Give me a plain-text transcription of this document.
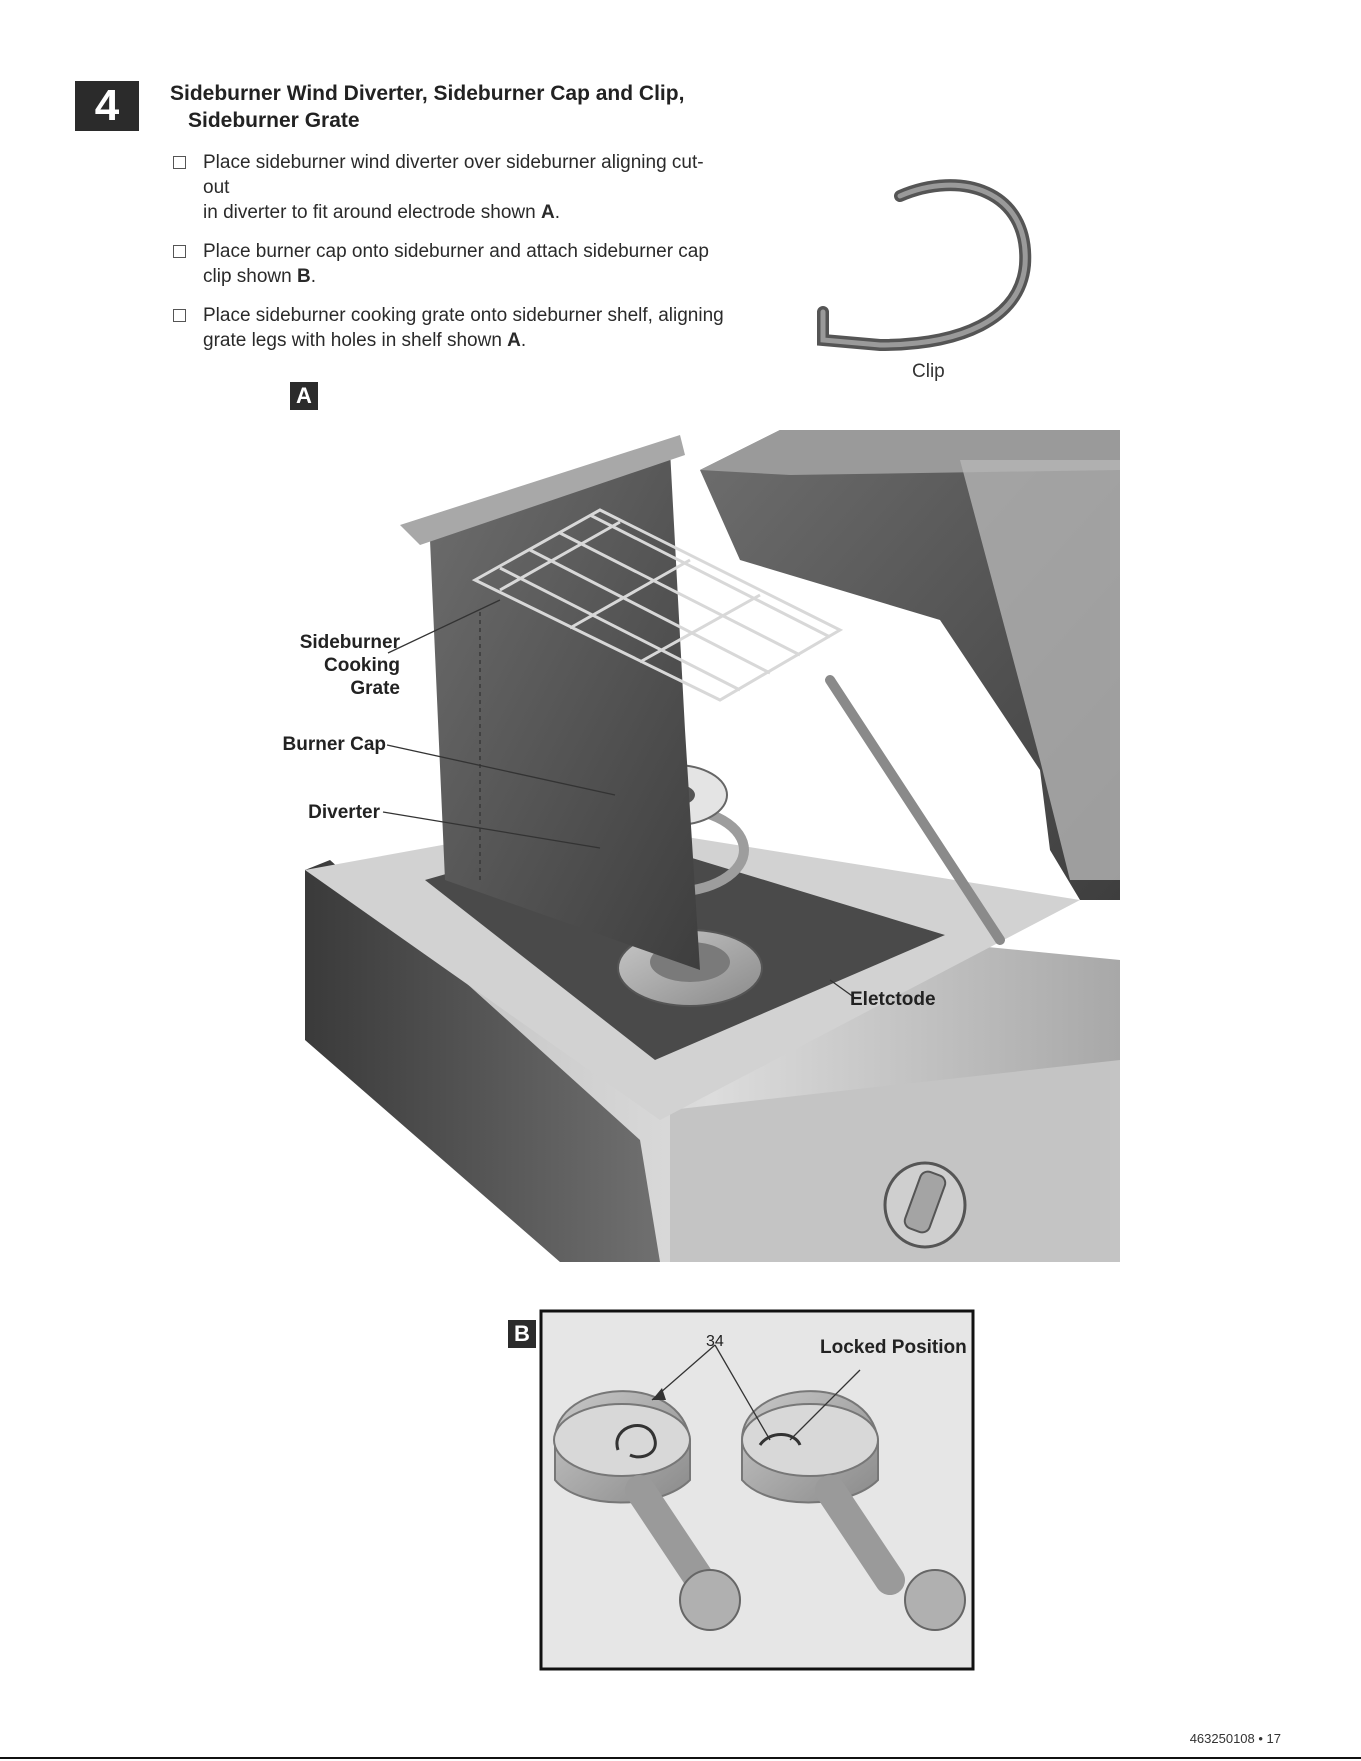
4	Sideburner Wind Diverter, Sideburner Cap and Clip,
Sideburner Grate
Place sideburner wind diverter over sideburner aligning cut- out
in diverter to fit around electrode shown A.
Place burner cap onto sideburner and attach sideburner cap
clip shown B.
Place sideburner cooking grate onto sideburner shelf, aligning
grate legs with holes in shelf shown A.
Clip
A
Sideburner
Cooking Grate
Burner Cap
Diverter
Eletctode
B	34	Locked Position
463250108 • 17
